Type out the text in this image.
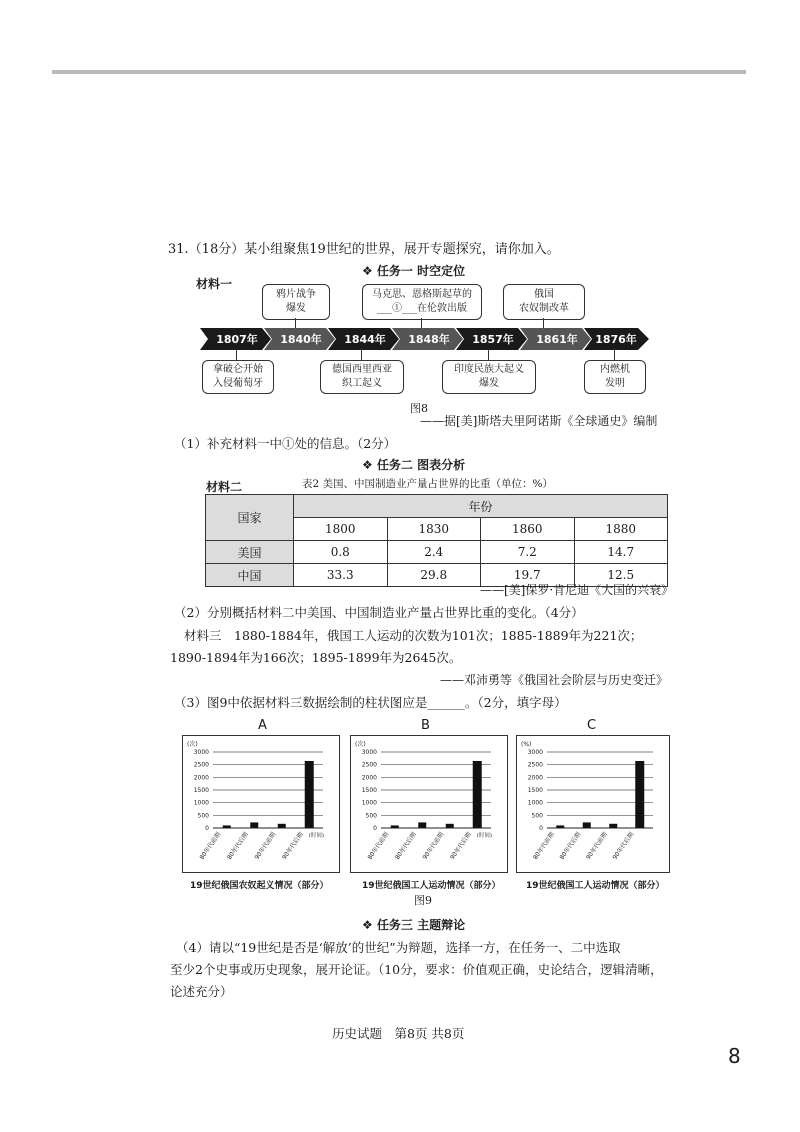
31.（18分）某小组聚焦19世纪的世界，展开专题探究，请你加入。
❖ 任务一 时空定位
材料一
鸦片战争
爆发
马克思、恩格斯起草的
___①___在伦敦出版
俄国
农奴制改革
1807年	1840年	1844年	1848年	1857年	1861年	1876年
拿破仑开始
入侵葡萄牙
德国西里西亚
织工起义
印度民族大起义
爆发
内燃机
发明
图8
——据[美]斯塔夫里阿诺斯《全球通史》编制
（1）补充材料一中①处的信息。（2分）
❖ 任务二 图表分析
材料二	表2 美国、中国制造业产量占世界的比重（单位：%）
国家	年份			
	1800	1830	1860	1880
美国	0.8	2.4	7.2	14.7
中国	33.3	29.8	19.7	12.5
——[美]保罗·肯尼迪《大国的兴衰》
（2）分别概括材料二中美国、中国制造业产量占世界比重的变化。（4分）
材料三　1880-1884年，俄国工人运动的次数为101次；1885-1889年为221次；
1890-1894年为166次；1895-1899年为2645次。
——邓沛勇等《俄国社会阶层与历史变迁》
（3）图9中依据材料三数据绘制的柱状图应是______。（2分，填字母）
A	B	C
(次)
3000
2500
2000
1500
1000
500
0
80年代前期 80年代后期 90年代前期 90年代后期 (时间)
(次)
3000
2500
2000
1500
1000
500
0
80年代前期 80年代后期 90年代前期 90年代后期 (时间)
(%)
3000
2500
2000
1500
1000
500
0
80年代前期 80年代后期 90年代前期 90年代后期
19世纪俄国农奴起义情况（部分）	19世纪俄国工人运动情况（部分）	19世纪俄国工人运动情况（部分）
图9
❖ 任务三 主题辩论
（4）请以“19世纪是否是‘解放’的世纪”为辩题，选择一方，在任务一、二中选取
至少2个史事或历史现象，展开论证。（10分，要求：价值观正确，史论结合，逻辑清晰，
论述充分）
历史试题　第8页 共8页
8
